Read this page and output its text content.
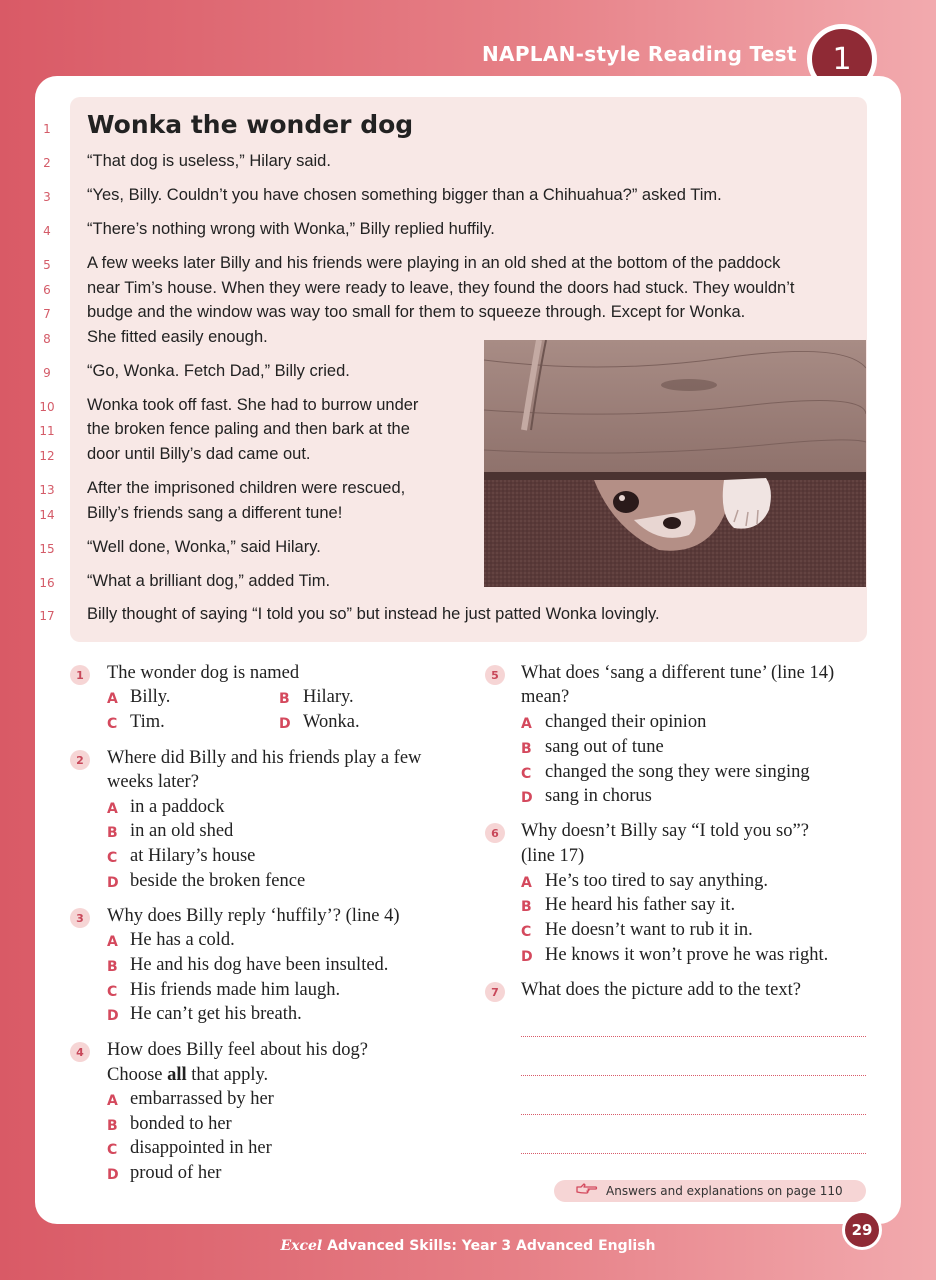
NAPLAN-style Reading Test	1
1
2
3
4
5
6
7
8
9
10
11
12
13
14
15
16
17
Wonka the wonder dog
“That dog is useless,” Hilary said.
“Yes, Billy. Couldn’t you have chosen something bigger than a Chihuahua?” asked Tim.
“There’s nothing wrong with Wonka,” Billy replied huffily.
A few weeks later Billy and his friends were playing in an old shed at the bottom of the paddock
near Tim’s house. When they were ready to leave, they found the doors had stuck. They wouldn’t
budge and the window was way too small for them to squeeze through. Except for Wonka.
She fitted easily enough.
“Go, Wonka. Fetch Dad,” Billy cried.
Wonka took off fast. She had to burrow under
the broken fence paling and then bark at the
door until Billy’s dad came out.
After the imprisoned children were rescued,
Billy’s friends sang a different tune!
“Well done, Wonka,” said Hilary.
“What a brilliant dog,” added Tim.
Billy thought of saying “I told you so” but instead he just patted Wonka lovingly.
1	The wonder dog is named
A Billy.	B Hilary.
C Tim.	D Wonka.
2	Where did Billy and his friends play a few
weeks later?
A in a paddock
B in an old shed
C at Hilary’s house
D beside the broken fence
3	Why does Billy reply ‘huffily’? (line 4)
A He has a cold.
B He and his dog have been insulted.
C His friends made him laugh.
D He can’t get his breath.
4	How does Billy feel about his dog?
Choose all that apply.
A embarrassed by her
B bonded to her
C disappointed in her
D proud of her
5	What does ‘sang a different tune’ (line 14)
mean?
A changed their opinion
B sang out of tune
C changed the song they were singing
D sang in chorus
6	Why doesn’t Billy say “I told you so”?
(line 17)
A He’s too tired to say anything.
B He heard his father say it.
C He doesn’t want to rub it in.
D He knows it won’t prove he was right.
7	What does the picture add to the text?
Answers and explanations on page 110
29
Excel Advanced Skills: Year 3 Advanced English
